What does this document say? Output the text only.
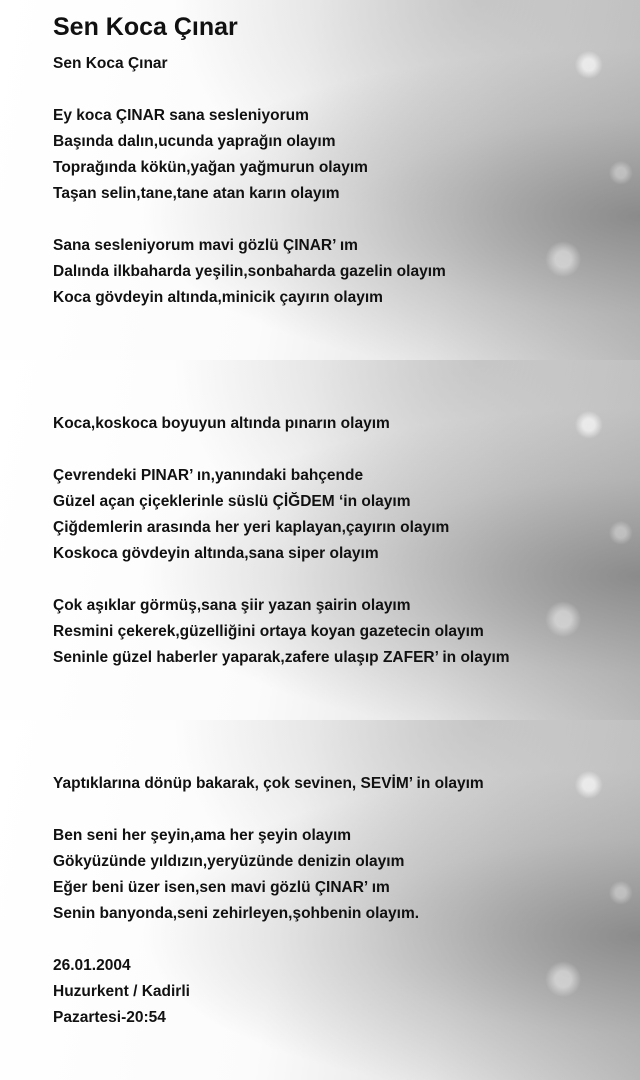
Sen Koca Çınar
Sen Koca Çınar
Ey koca ÇINAR sana sesleniyorum
Başında dalın,ucunda yaprağın olayım
Toprağında kökün,yağan yağmurun olayım
Taşan selin,tane,tane atan karın olayım
Sana sesleniyorum mavi gözlü ÇINAR’ ım
Dalında ilkbaharda yeşilin,sonbaharda gazelin olayım
Koca gövdeyin altında,minicik çayırın olayım
Koca,koskoca boyuyun altında pınarın olayım
Çevrendeki PINAR’ ın,yanındaki bahçende
Güzel açan çiçeklerinle süslü ÇİĞDEM ‘in olayım
Çiğdemlerin arasında her yeri kaplayan,çayırın olayım
Koskoca gövdeyin altında,sana siper olayım
Çok aşıklar görmüş,sana şiir yazan şairin olayım
Resmini çekerek,güzelliğini ortaya koyan gazetecin olayım
Seninle güzel haberler yaparak,zafere ulaşıp ZAFER’ in olayım
Yaptıklarına dönüp bakarak, çok sevinen, SEVİM’ in olayım
Ben seni her şeyin,ama her şeyin olayım
Gökyüzünde yıldızın,yeryüzünde denizin olayım
Eğer beni üzer isen,sen mavi gözlü ÇINAR’ ım
Senin banyonda,seni zehirleyen,şohbenin olayım.
26.01.2004
Huzurkent / Kadirli
Pazartesi-20:54
